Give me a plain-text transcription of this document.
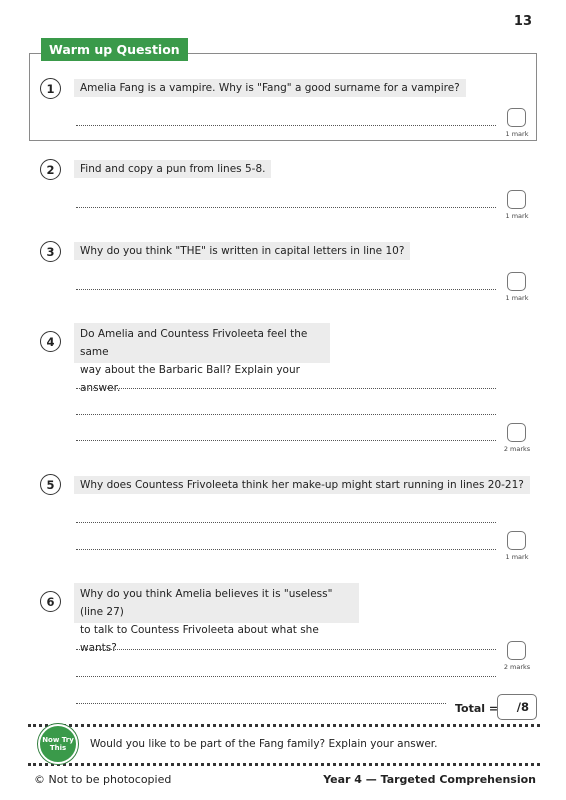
13
Warm up Question
1	Amelia Fang is a vampire. Why is "Fang" a good surname for a vampire?
1 mark
2	Find and copy a pun from lines 5-8.
1 mark
3	Why do you think "THE" is written in capital letters in line 10?
1 mark
4
Do Amelia and Countess Frivoleeta feel the same
way about the Barbaric Ball? Explain your answer.
2 marks
5	Why does Countess Frivoleeta think her make-up might start running in lines 20-21?
1 mark
6
Why do you think Amelia believes it is "useless" (line 27)
to talk to Countess Frivoleeta about what she wants?
2 marks
Total =	/8
Now Try
This	Would you like to be part of the Fang family? Explain your answer.
© Not to be photocopied	Year 4 — Targeted Comprehension
